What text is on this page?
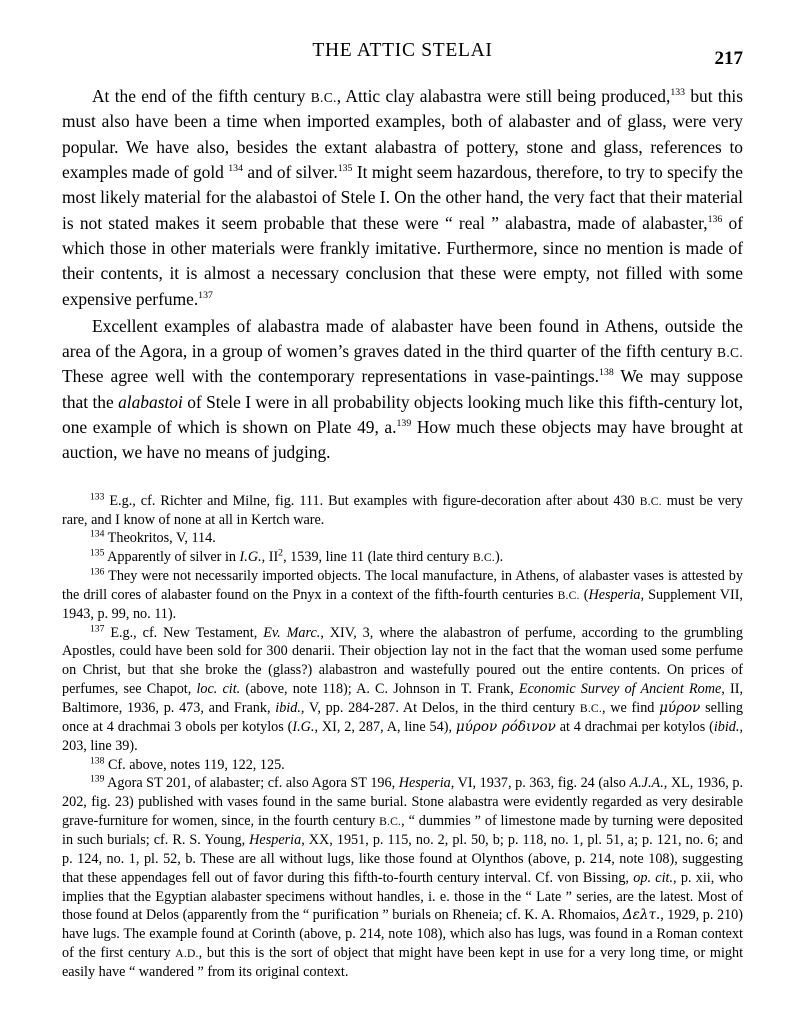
THE ATTIC STELAI	217

At the end of the fifth century B.C., Attic clay alabastra were still being produced,$^{133}$ but this must also have been a time when imported examples, both of alabaster and of glass, were very popular. We have also, besides the extant alabastra of pottery, stone and glass, references to examples made of gold $^{134}$ and of silver.$^{135}$ It might seem hazardous, therefore, to try to specify the most likely material for the alabastoi of Stele I. On the other hand, the very fact that their material is not stated makes it seem probable that these were “ real ” alabastra, made of alabaster,$^{136}$ of which those in other materials were frankly imitative. Furthermore, since no mention is made of their contents, it is almost a necessary conclusion that these were empty, not filled with some expensive perfume.$^{137}$

Excellent examples of alabastra made of alabaster have been found in Athens, outside the area of the Agora, in a group of women’s graves dated in the third quarter of the fifth century B.C. These agree well with the contemporary representations in vase-paintings.$^{138}$ We may suppose that the alabastoi of Stele I were in all probability objects looking much like this fifth-century lot, one example of which is shown on Plate 49, a.$^{139}$ How much these objects may have brought at auction, we have no means of judging.

$^{133}$ E.g., cf. Richter and Milne, fig. 111. But examples with figure-decoration after about 430 B.C. must be very rare, and I know of none at all in Kertch ware.

$^{134}$ Theokritos, V, 114.

$^{135}$ Apparently of silver in I.G., $II^2$, 1539, line 11 (late third century B.C.).

$^{136}$ They were not necessarily imported objects. The local manufacture, in Athens, of alabaster vases is attested by the drill cores of alabaster found on the Pnyx in a context of the fifth-fourth centuries B.C. (Hesperia, Supplement VII, 1943, p. 99, no. 11).

$^{137}$ E.g., cf. New Testament, Ev. Marc., XIV, 3, where the alabastron of perfume, according to the grumbling Apostles, could have been sold for 300 denarii. Their objection lay not in the fact that the woman used some perfume on Christ, but that she broke the (glass?) alabastron and wastefully poured out the entire contents. On prices of perfumes, see Chapot, loc. cit. (above, note 118); A. C. Johnson in T. Frank, Economic Survey of Ancient Rome, II, Baltimore, 1936, p. 473, and Frank, ibid., V, pp. 284-287. At Delos, in the third century B.C., we find μύρον selling once at 4 drachmai 3 obols per kotylos (I.G., XI, 2, 287, A, line 54), μύρον ρόδινον at 4 drachmai per kotylos (ibid., 203, line 39).

$^{138}$ Cf. above, notes 119, 122, 125.

$^{139}$ Agora ST 201, of alabaster; cf. also Agora ST 196, Hesperia, VI, 1937, p. 363, fig. 24 (also A.J.A., XL, 1936, p. 202, fig. 23) published with vases found in the same burial. Stone alabastra were evidently regarded as very desirable grave-furniture for women, since, in the fourth century B.C., “ dummies ” of limestone made by turning were deposited in such burials; cf. R. S. Young, Hesperia, XX, 1951, p. 115, no. 2, pl. 50, b; p. 118, no. 1, pl. 51, a; p. 121, no. 6; and p. 124, no. 1, pl. 52, b. These are all without lugs, like those found at Olynthos (above, p. 214, note 108), suggesting that these appendages fell out of favor during this fifth-to-fourth century interval. Cf. von Bissing, op. cit., p. xii, who implies that the Egyptian alabaster specimens without handles, i. e. those in the “ Late ” series, are the latest. Most of those found at Delos (apparently from the “ purification ” burials on Rheneia; cf. K. A. Rhomaios, Δελτ., 1929, p. 210) have lugs. The example found at Corinth (above, p. 214, note 108), which also has lugs, was found in a Roman context of the first century A.D., but this is the sort of object that might have been kept in use for a very long time, or might easily have “ wandered ” from its original context.
